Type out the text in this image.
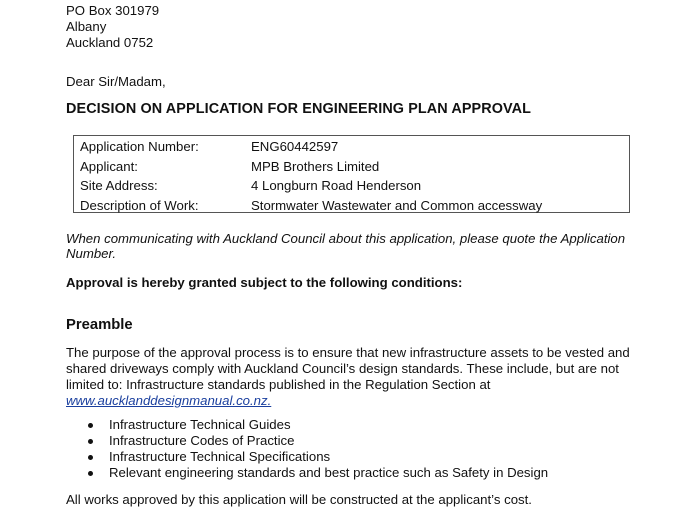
PO Box 301979
Albany
Auckland 0752
Dear Sir/Madam,
DECISION ON APPLICATION FOR ENGINEERING PLAN APPROVAL
Application Number:	ENG60442597
Applicant:	MPB Brothers Limited
Site Address:	4 Longburn Road Henderson
Description of Work:	Stormwater Wastewater and Common accessway
When communicating with Auckland Council about this application, please quote the Application Number.
Approval is hereby granted subject to the following conditions:
Preamble
The purpose of the approval process is to ensure that new infrastructure assets to be vested and
shared driveways comply with Auckland Council’s design standards. These include, but are not
limited to: Infrastructure standards published in the Regulation Section at
www.aucklanddesignmanual.co.nz.
Infrastructure Technical Guides
Infrastructure Codes of Practice
Infrastructure Technical Specifications
Relevant engineering standards and best practice such as Safety in Design
All works approved by this application will be constructed at the applicant’s cost.
